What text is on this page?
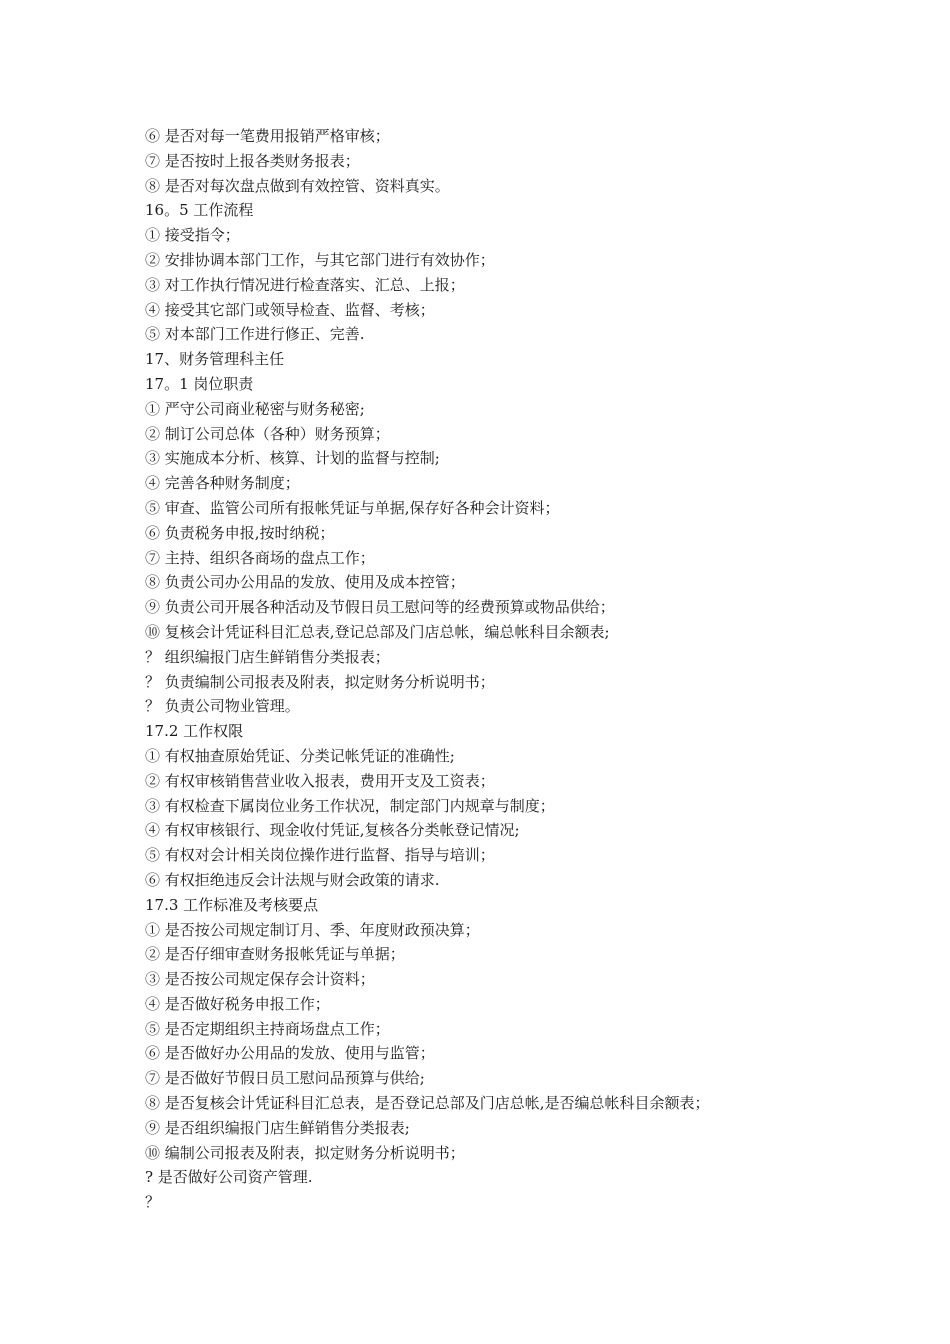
⑥ 是否对每一笔费用报销严格审核；
⑦ 是否按时上报各类财务报表；
⑧ 是否对每次盘点做到有效控管、资料真实。
16。5 工作流程
① 接受指令；
② 安排协调本部门工作，与其它部门进行有效协作；
③ 对工作执行情况进行检查落实、汇总、上报；
④ 接受其它部门或领导检查、监督、考核；
⑤ 对本部门工作进行修正、完善.
17、财务管理科主任
17。1 岗位职责
① 严守公司商业秘密与财务秘密;
② 制订公司总体（各种）财务预算；
③ 实施成本分析、核算、计划的监督与控制;
④ 完善各种财务制度；
⑤ 审查、监管公司所有报帐凭证与单据,保存好各种会计资料；
⑥ 负责税务申报,按时纳税；
⑦ 主持、组织各商场的盘点工作；
⑧ 负责公司办公用品的发放、使用及成本控管；
⑨ 负责公司开展各种活动及节假日员工慰问等的经费预算或物品供给；
⑩ 复核会计凭证科目汇总表,登记总部及门店总帐，编总帐科目余额表;
？ 组织编报门店生鲜销售分类报表；
？ 负责编制公司报表及附表，拟定财务分析说明书；
？ 负责公司物业管理。
17.2 工作权限
① 有权抽查原始凭证、分类记帐凭证的准确性;
② 有权审核销售营业收入报表，费用开支及工资表；
③ 有权检查下属岗位业务工作状况，制定部门内规章与制度；
④ 有权审核银行、现金收付凭证,复核各分类帐登记情况;
⑤ 有权对会计相关岗位操作进行监督、指导与培训；
⑥ 有权拒绝违反会计法规与财会政策的请求.
17.3 工作标准及考核要点
① 是否按公司规定制订月、季、年度财政预决算；
② 是否仔细审查财务报帐凭证与单据；
③ 是否按公司规定保存会计资料；
④ 是否做好税务申报工作；
⑤ 是否定期组织主持商场盘点工作；
⑥ 是否做好办公用品的发放、使用与监管；
⑦ 是否做好节假日员工慰问品预算与供给;
⑧ 是否复核会计凭证科目汇总表，是否登记总部及门店总帐,是否编总帐科目余额表；
⑨ 是否组织编报门店生鲜销售分类报表;
⑩ 编制公司报表及附表，拟定财务分析说明书；
? 是否做好公司资产管理.
？
